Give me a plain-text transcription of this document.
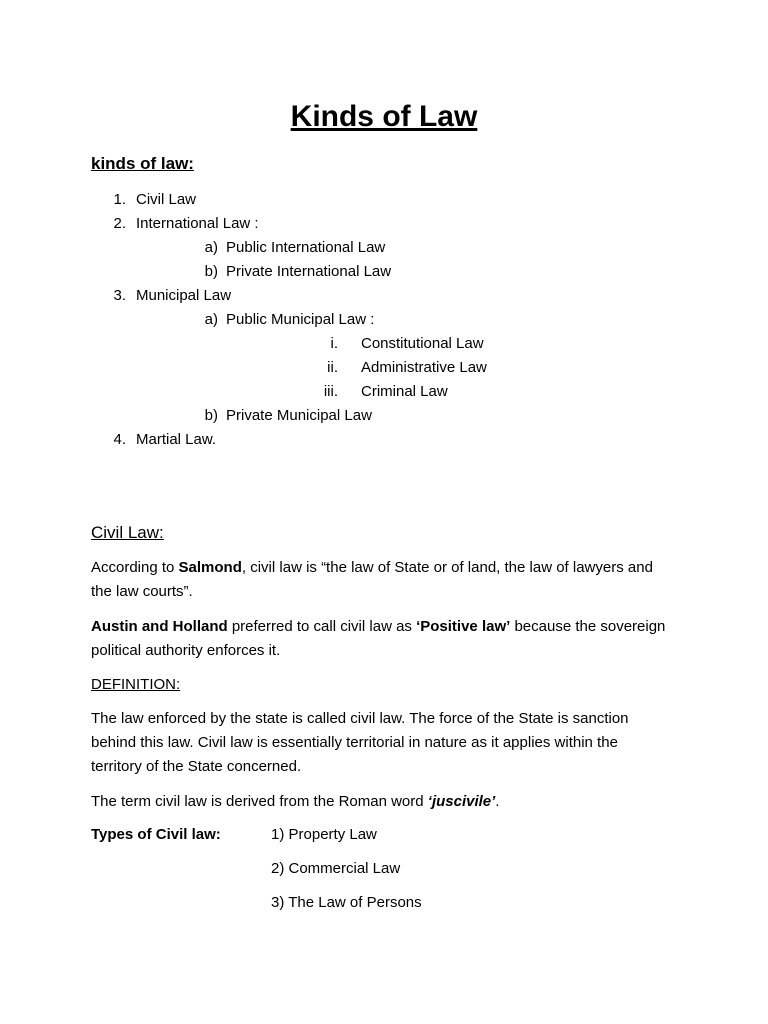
Kinds of Law
kinds of law:
1. Civil Law
2. International Law :
a) Public International Law
b) Private International Law
3. Municipal Law
a) Public Municipal Law :
i. Constitutional Law
ii. Administrative Law
iii. Criminal Law
b) Private Municipal Law
4. Martial Law.
Civil Law:
According to Salmond, civil law is “the law of State or of land, the law of lawyers and the law courts”.
Austin and Holland preferred to call civil law as ‘Positive law’ because the sovereign political authority enforces it.
DEFINITION:
The law enforced by the state is called civil law. The force of the State is sanction behind this law. Civil law is essentially territorial in nature as it applies within the territory of the State concerned.
The term civil law is derived from the Roman word ‘juscivile’.
Types of Civil law:	1) Property Law
2) Commercial Law
3) The Law of Persons
